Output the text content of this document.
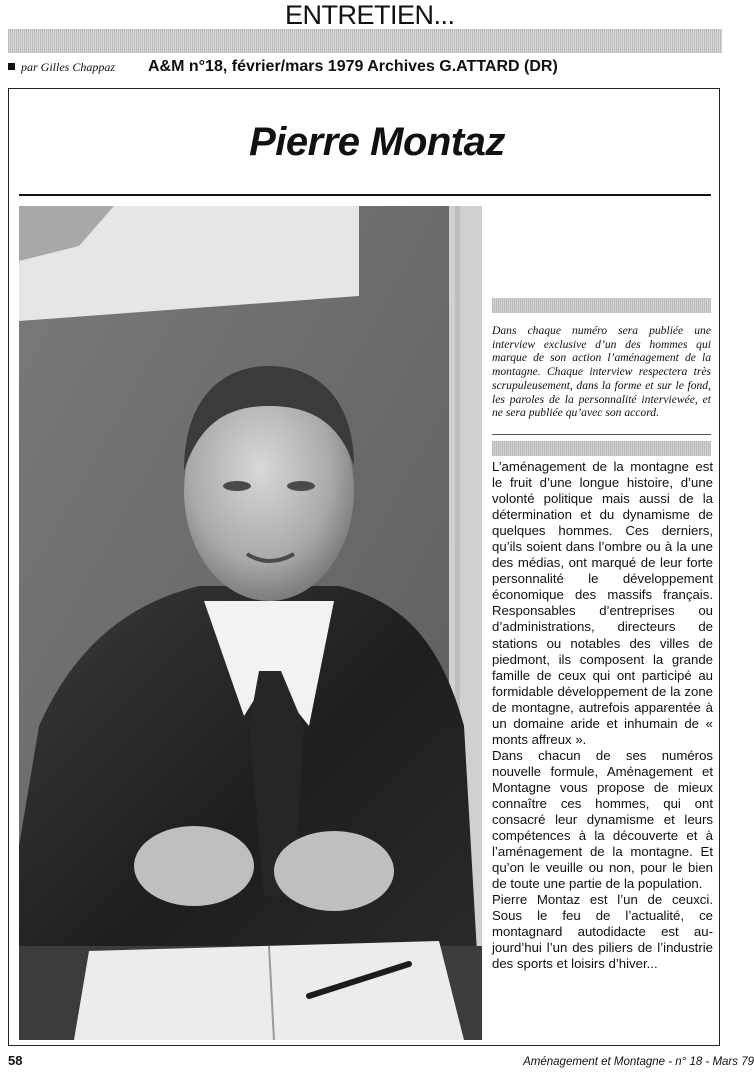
ENTRETIEN...
par Gilles Chappaz A&M n°18, février/mars 1979 Archives G.ATTARD (DR)
Pierre Montaz
Dans chaque numéro sera publiée une interview exclusive d’un des hommes qui marque de son action l’aménagement de la montagne. Chaque interview respectera très scrupuleusement, dans la forme et sur le fond, les paroles de la personnalité interviewée, et ne sera publiée qu’avec son accord.

L’aménagement de la montagne est le fruit d’une longue histoire, d’une volonté politique mais aussi de la détermination et du dynamisme de quelques hommes. Ces derniers, qu’ils soient dans l’ombre ou à la une des médias, ont marqué de leur forte personnalité le développement économique des massifs français. Responsables d’entreprises ou d’administrations, directeurs de stations ou notables des villes de piedmont, ils composent la grande famille de ceux qui ont participé au formidable développement de la zone de montagne, autrefois apparentée à un domaine aride et inhumain de « monts affreux ».

Dans chacun de ses numéros nouvelle formule, Aménagement et Montagne vous propose de mieux connaître ces hommes, qui ont consacré leur dynamisme et leurs compétences à la découverte et à l’aménagement de la montagne. Et qu’on le veuille ou non, pour le bien de toute une partie de la population.

Pierre Montaz est l’un de ceuxci. Sous le feu de l’actualité, ce montagnard autodidacte est aujourd’hui l’un des piliers de l’industrie des sports et loisirs d’hiver...

58	Aménagement et Montagne - n° 18 - Mars 79
